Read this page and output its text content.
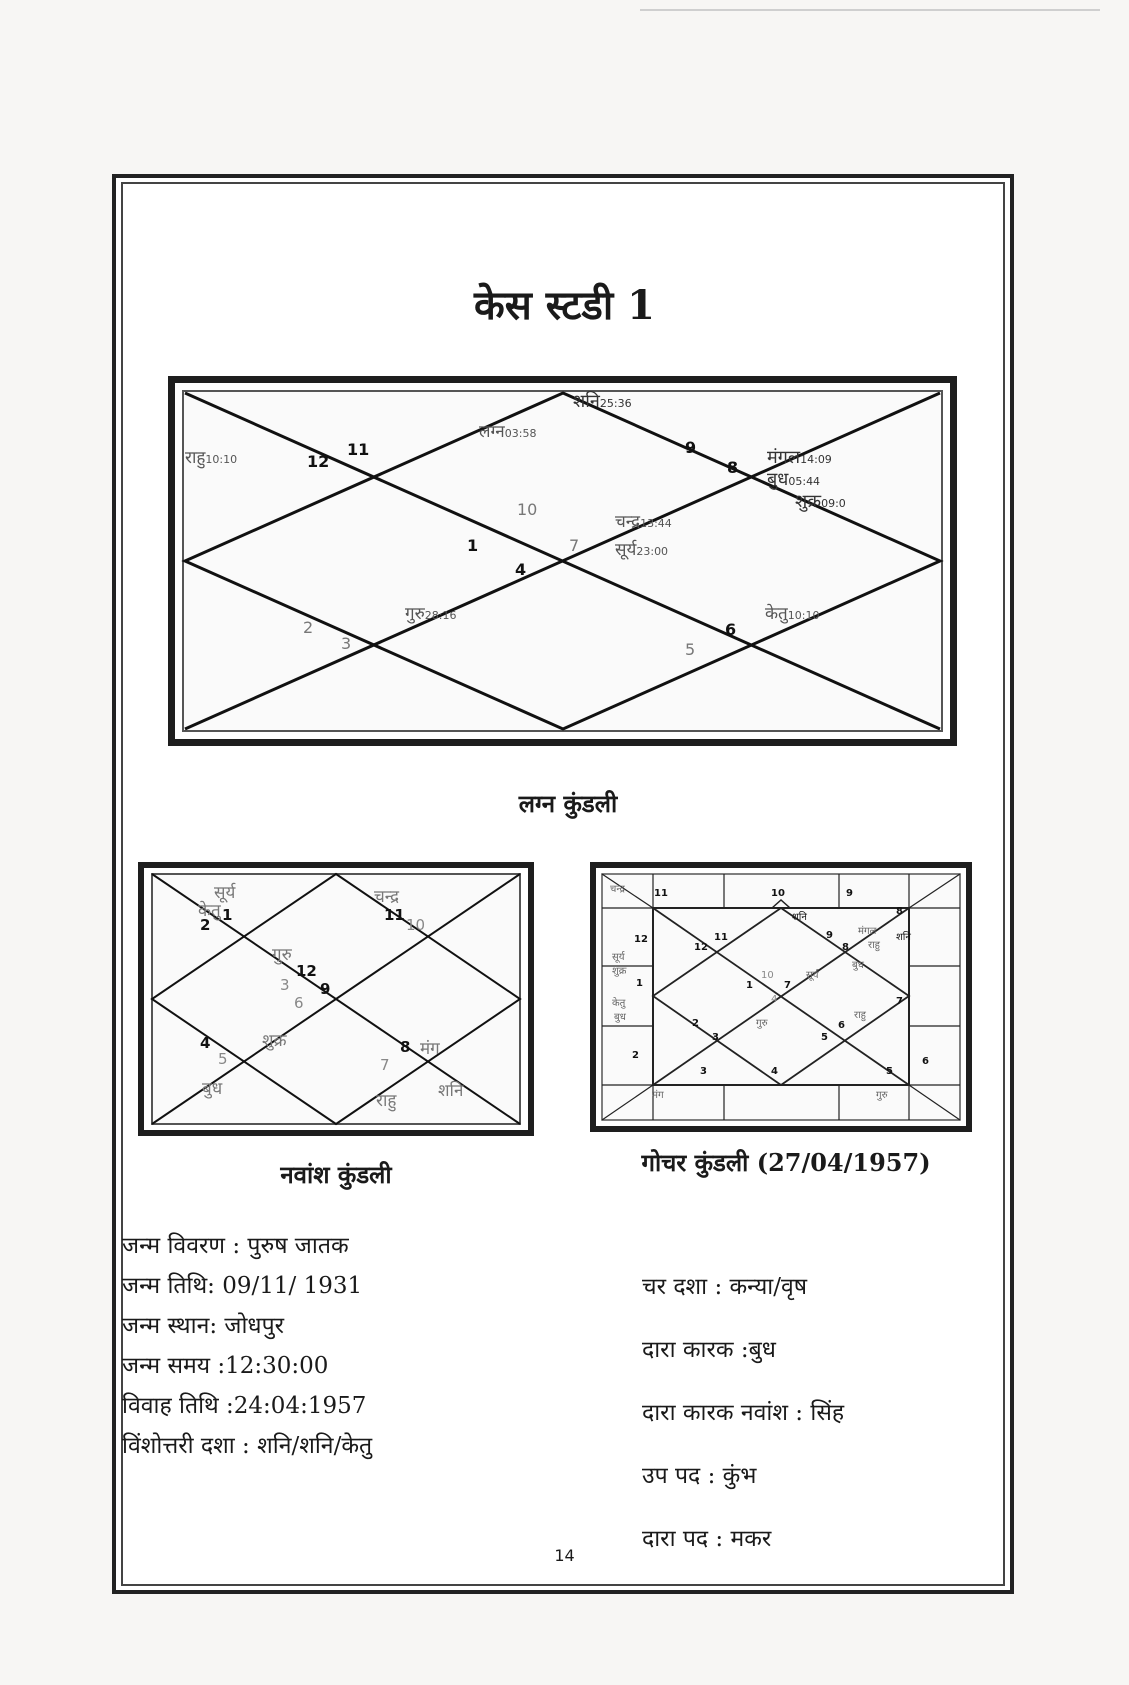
केस स्टडी 1
12
11	9
8
10
1	7
4
2
3
6
5
शनि25:36
लग्न03:58
राहु10:10	मंगल14:09
बुध05:44
शुक्र09:0
चन्द्र13:44
सूर्य23:00
गुरु28:16	केतु10:10
लग्न कुंडली
2
1	11
10
12
3 9
6
4
5
8
7
सूर्य
केतु
चन्द्र
गुरु
शुक्र	मंग
बुध
राहु शनि
नवांश कुंडली
11	10	9
8
12
7
1
2
3	4	5
6
11
12
9
8
1	7
4
2
3	5
6
10
चन्द्र
शनि
मंगल
शनि
राहु
सूर्य
शुक्र
केतु
बुध
मंग	गुरु
बुध
सूर्य
गुरु
राहु
गोचर कुंडली (27/04/1957)
जन्म विवरण : पुरुष जातक
जन्म तिथि: 09/11/ 1931
जन्म स्थान: जोधपुर
जन्म समय :12:30:00
विवाह तिथि :24:04:1957
विंशोत्तरी दशा : शनि/शनि/केतु
चर दशा : कन्या/वृष
दारा कारक :बुध
दारा कारक नवांश : सिंह
उप पद : कुंभ
दारा पद : मकर
14
